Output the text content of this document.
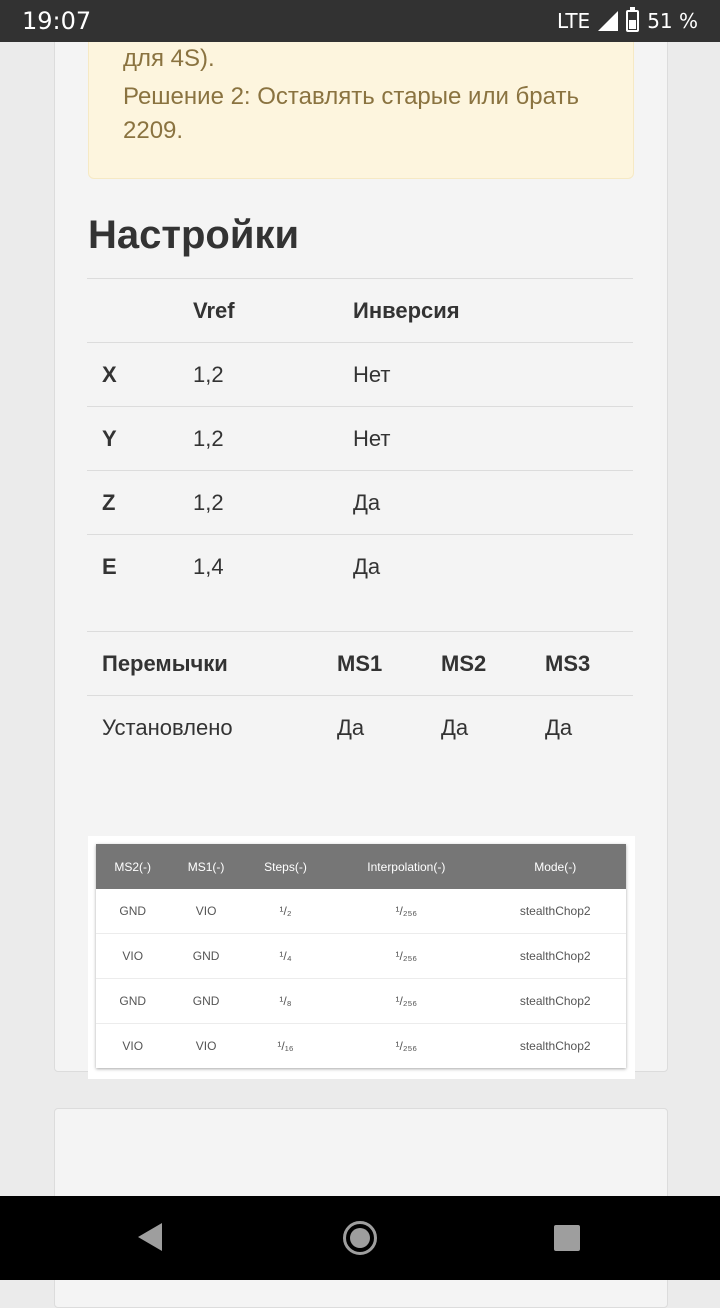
19:07	LTE	51 %
для 4S).
Решение 2: Оставлять старые или брать 2209.
Настройки
	Vref	Инверсия
X	1,2	Нет
Y	1,2	Нет
Z	1,2	Да
E	1,4	Да
Перемычки	MS1	MS2	MS3
Установлено	Да	Да	Да
MS2(-)	MS1(-)	Steps(-)	Interpolation(-)	Mode(-)
GND	VIO	¹/₂	¹/₂₅₆	stealthChop2
VIO	GND	¹/₄	¹/₂₅₆	stealthChop2
GND	GND	¹/₈	¹/₂₅₆	stealthChop2
VIO	VIO	¹/₁₆	¹/₂₅₆	stealthChop2
